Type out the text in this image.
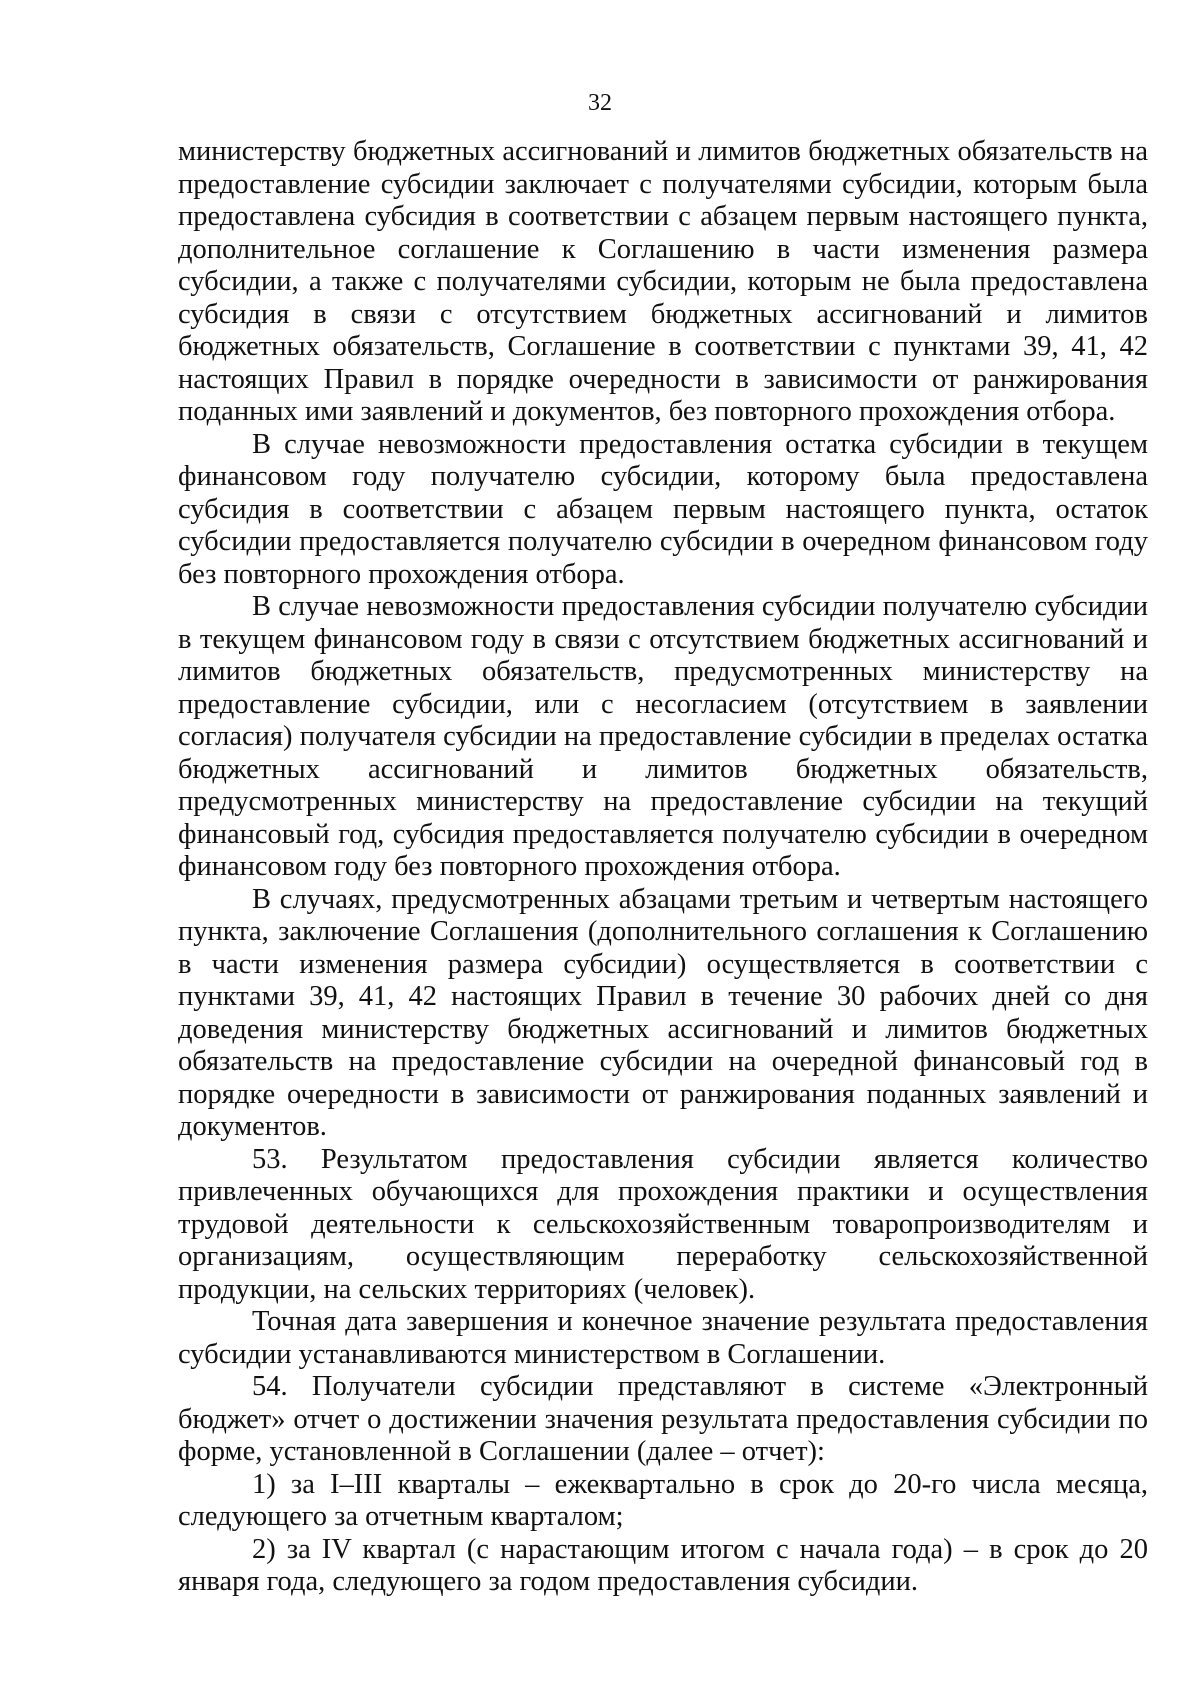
32

министерству бюджетных ассигнований и лимитов бюджетных обязательств на предоставление субсидии заключает с получателями субсидии, которым была предоставлена субсидия в соответствии с абзацем первым настоящего пункта, дополнительное соглашение к Соглашению в части изменения размера субсидии, а также с получателями субсидии, которым не была предоставлена субсидия в связи с отсутствием бюджетных ассигнований и лимитов бюджетных обязательств, Соглашение в соответствии с пунктами 39, 41, 42 настоящих Правил в порядке очередности в зависимости от ранжирования поданных ими заявлений и документов, без повторного прохождения отбора.

В случае невозможности предоставления остатка субсидии в текущем финансовом году получателю субсидии, которому была предоставлена субсидия в соответствии с абзацем первым настоящего пункта, остаток субсидии предоставляется получателю субсидии в очередном финансовом году без повторного прохождения отбора.

В случае невозможности предоставления субсидии получателю субсидии в текущем финансовом году в связи с отсутствием бюджетных ассигнований и лимитов бюджетных обязательств, предусмотренных министерству на предоставление субсидии, или с несогласием (отсутствием в заявлении согласия) получателя субсидии на предоставление субсидии в пределах остатка бюджетных ассигнований и лимитов бюджетных обязательств, предусмотренных министерству на предоставление субсидии на текущий финансовый год, субсидия предоставляется получателю субсидии в очередном финансовом году без повторного прохождения отбора.

В случаях, предусмотренных абзацами третьим и четвертым настоящего пункта, заключение Соглашения (дополнительного соглашения к Соглашению в части изменения размера субсидии) осуществляется в соответствии с пунктами 39, 41, 42 настоящих Правил в течение 30 рабочих дней со дня доведения министерству бюджетных ассигнований и лимитов бюджетных обязательств на предоставление субсидии на очередной финансовый год в порядке очередности в зависимости от ранжирования поданных заявлений и документов.

53. Результатом предоставления субсидии является количество привлеченных обучающихся для прохождения практики и осуществления трудовой деятельности к сельскохозяйственным товаропроизводителям и организациям, осуществляющим переработку сельскохозяйственной продукции, на сельских территориях (человек).

Точная дата завершения и конечное значение результата предоставления субсидии устанавливаются министерством в Соглашении.

54. Получатели субсидии представляют в системе «Электронный бюджет» отчет о достижении значения результата предоставления субсидии по форме, установленной в Соглашении (далее – отчет):

1) за I–III кварталы – ежеквартально в срок до 20-го числа месяца, следующего за отчетным кварталом;

2) за IV квартал (с нарастающим итогом с начала года) – в срок до 20 января года, следующего за годом предоставления субсидии.
